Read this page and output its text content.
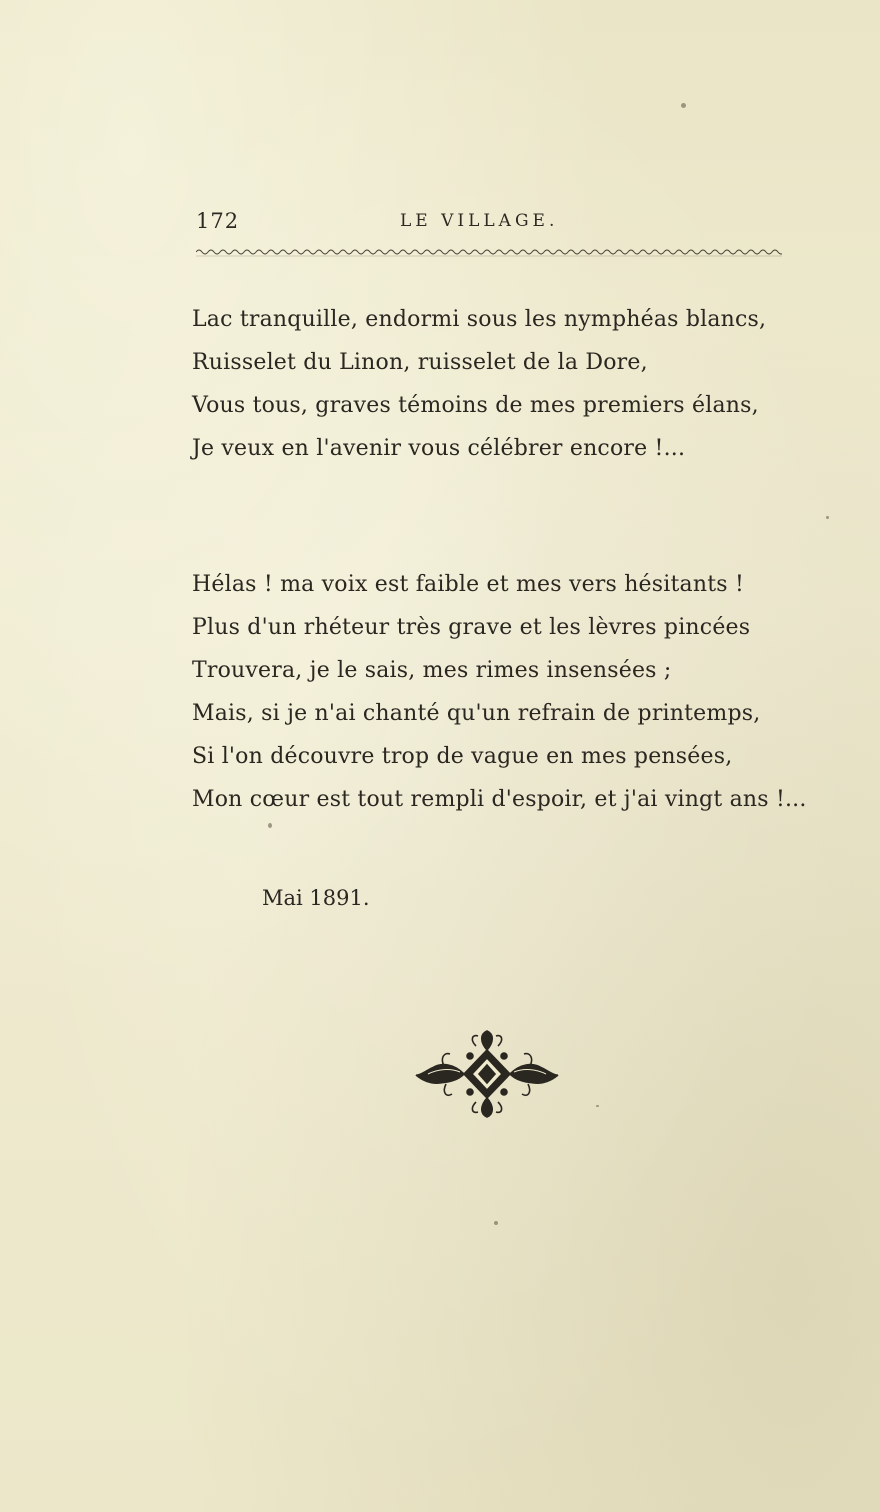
172	LE VILLAGE.
Lac tranquille, endormi sous les nymphéas blancs,
Ruisselet du Linon, ruisselet de la Dore,
Vous tous, graves témoins de mes premiers élans,
Je veux en l'avenir vous célébrer encore !...
Hélas ! ma voix est faible et mes vers hésitants !
Plus d'un rhéteur très grave et les lèvres pincées
Trouvera, je le sais, mes rimes insensées ;
Mais, si je n'ai chanté qu'un refrain de printemps,
Si l'on découvre trop de vague en mes pensées,
Mon cœur est tout rempli d'espoir, et j'ai vingt ans !...
Mai 1891.
